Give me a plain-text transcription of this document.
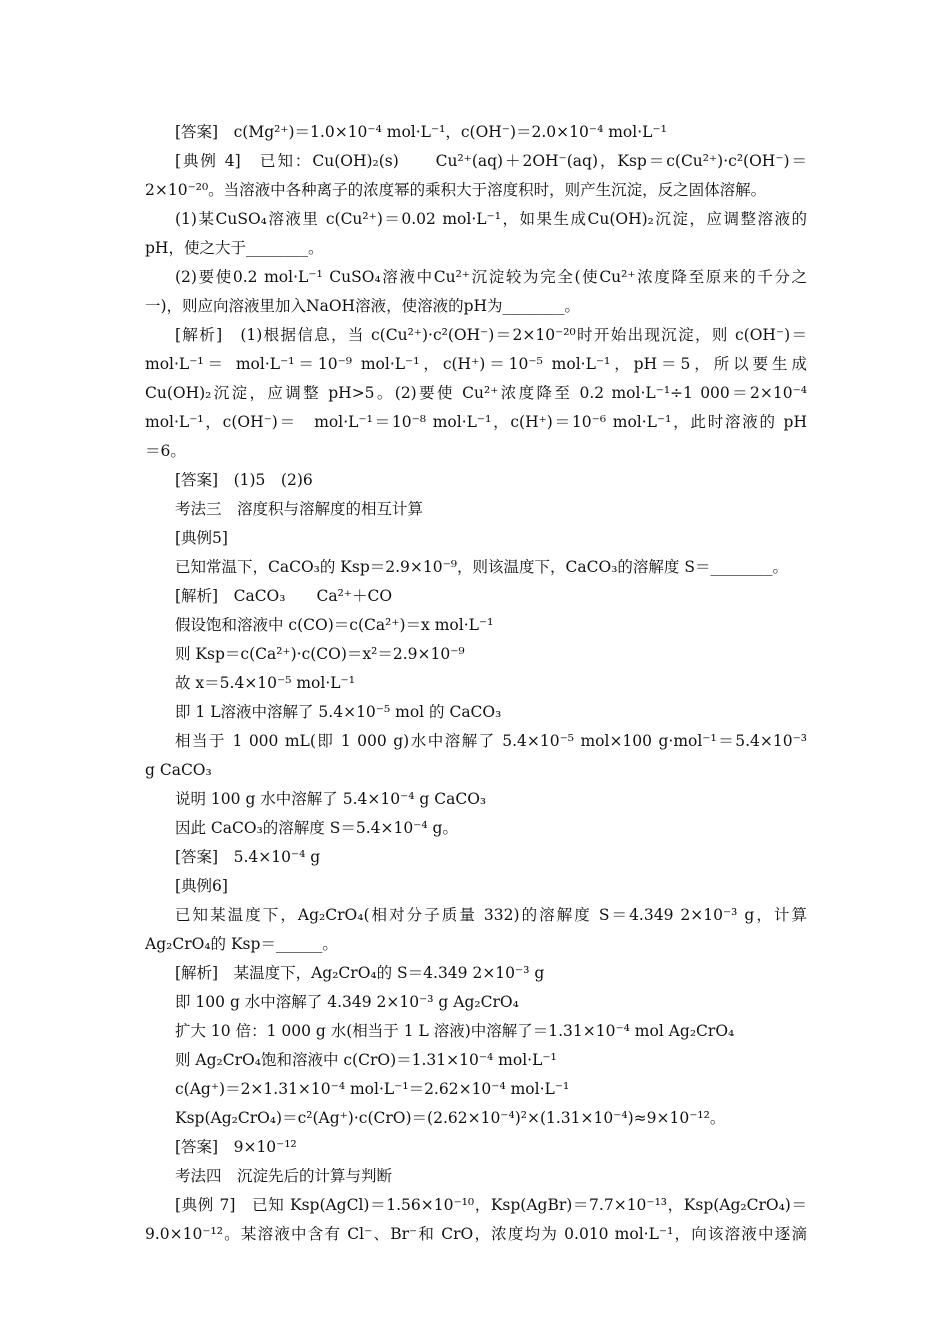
[答案]　c(Mg²⁺)＝1.0×10⁻⁴ mol·L⁻¹，c(OH⁻)＝2.0×10⁻⁴ mol·L⁻¹
[典例 4]　已知：Cu(OH)₂(s)　　Cu²⁺(aq)＋2OH⁻(aq)，Ksp＝c(Cu²⁺)·c²(OH⁻)＝
2×10⁻²⁰。当溶液中各种离子的浓度幂的乘积大于溶度积时，则产生沉淀，反之固体溶解。
(1)某CuSO₄溶液里 c(Cu²⁺)＝0.02 mol·L⁻¹，如果生成Cu(OH)₂沉淀，应调整溶液的
pH，使之大于________。
(2)要使0.2 mol·L⁻¹ CuSO₄溶液中Cu²⁺沉淀较为完全(使Cu²⁺浓度降至原来的千分之
一)，则应向溶液里加入NaOH溶液，使溶液的pH为________。
[解析]　(1)根据信息，当 c(Cu²⁺)·c²(OH⁻)＝2×10⁻²⁰时开始出现沉淀，则 c(OH⁻)＝
mol·L⁻¹＝ mol·L⁻¹＝10⁻⁹ mol·L⁻¹，c(H⁺)＝10⁻⁵ mol·L⁻¹，pH＝5，所以要生成
Cu(OH)₂沉淀，应调整 pH>5。(2)要使 Cu²⁺浓度降至 0.2 mol·L⁻¹÷1 000＝2×10⁻⁴
mol·L⁻¹，c(OH⁻)＝　mol·L⁻¹＝10⁻⁸ mol·L⁻¹，c(H⁺)＝10⁻⁶ mol·L⁻¹，此时溶液的 pH
＝6。
[答案]　(1)5　(2)6
考法三　溶度积与溶解度的相互计算
[典例5]
已知常温下，CaCO₃的 Ksp＝2.9×10⁻⁹，则该温度下，CaCO₃的溶解度 S＝________。
[解析]　CaCO₃　　Ca²⁺＋CO
假设饱和溶液中 c(CO)＝c(Ca²⁺)＝x mol·L⁻¹
则 Ksp＝c(Ca²⁺)·c(CO)＝x²＝2.9×10⁻⁹
故 x＝5.4×10⁻⁵ mol·L⁻¹
即 1 L溶液中溶解了 5.4×10⁻⁵ mol 的 CaCO₃
相当于 1 000 mL(即 1 000 g)水中溶解了 5.4×10⁻⁵ mol×100 g·mol⁻¹＝5.4×10⁻³
g CaCO₃
说明 100 g 水中溶解了 5.4×10⁻⁴ g CaCO₃
因此 CaCO₃的溶解度 S＝5.4×10⁻⁴ g。
[答案]　5.4×10⁻⁴ g
[典例6]
已知某温度下，Ag₂CrO₄(相对分子质量 332)的溶解度 S＝4.349 2×10⁻³ g，计算
Ag₂CrO₄的 Ksp＝______。
[解析]　某温度下，Ag₂CrO₄的 S＝4.349 2×10⁻³ g
即 100 g 水中溶解了 4.349 2×10⁻³ g Ag₂CrO₄
扩大 10 倍：1 000 g 水(相当于 1 L 溶液)中溶解了＝1.31×10⁻⁴ mol Ag₂CrO₄
则 Ag₂CrO₄饱和溶液中 c(CrO)＝1.31×10⁻⁴ mol·L⁻¹
c(Ag⁺)＝2×1.31×10⁻⁴ mol·L⁻¹＝2.62×10⁻⁴ mol·L⁻¹
Ksp(Ag₂CrO₄)＝c²(Ag⁺)·c(CrO)＝(2.62×10⁻⁴)²×(1.31×10⁻⁴)≈9×10⁻¹²。
[答案]　9×10⁻¹²
考法四　沉淀先后的计算与判断
[典例 7]　已知 Ksp(AgCl)＝1.56×10⁻¹⁰，Ksp(AgBr)＝7.7×10⁻¹³，Ksp(Ag₂CrO₄)＝
9.0×10⁻¹²。某溶液中含有 Cl⁻、Br⁻和 CrO，浓度均为 0.010 mol·L⁻¹，向该溶液中逐滴
